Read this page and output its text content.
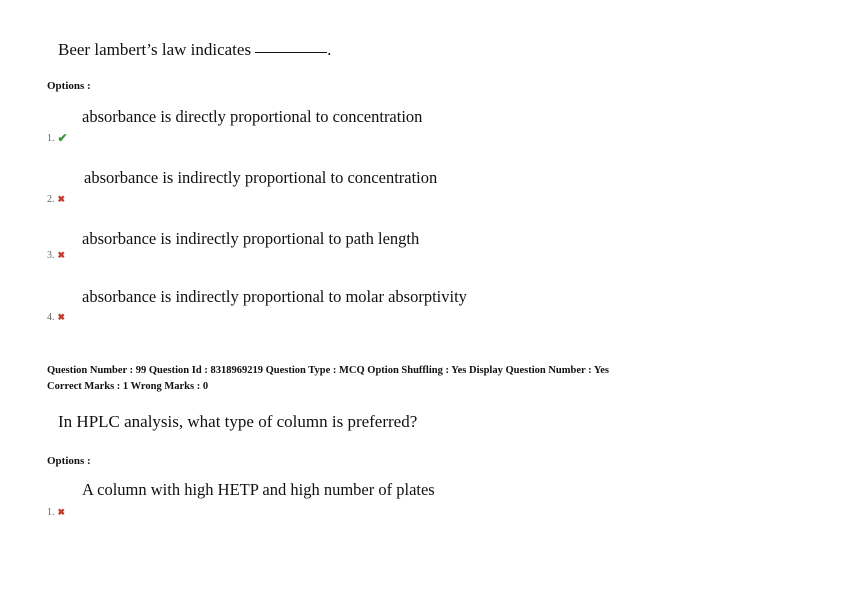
Beer lambert’s law indicates	.
Options :
absorbance is directly proportional to concentration
1. ✔
absorbance is indirectly proportional to concentration
2. ✖
absorbance is indirectly proportional to path length
3. ✖
absorbance is indirectly proportional to molar absorptivity
4. ✖
Question Number : 99 Question Id : 8318969219 Question Type : MCQ Option Shuffling : Yes Display Question Number : Yes
Correct Marks : 1 Wrong Marks : 0
In HPLC analysis, what type of column is preferred?
Options :
A column with high HETP and high number of plates
1. ✖
